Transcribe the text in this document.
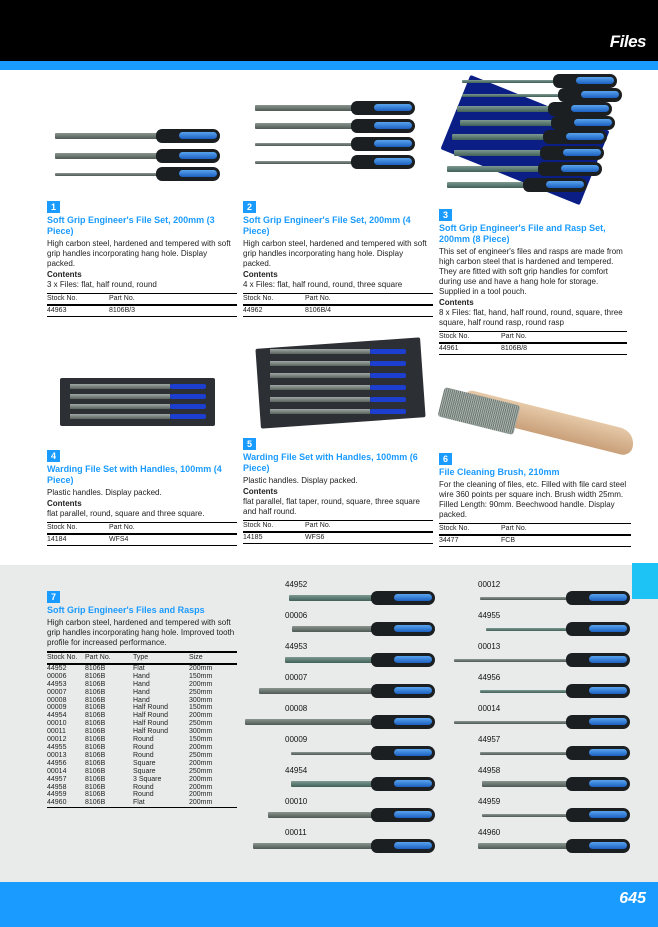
Files
1
Soft Grip Engineer's File Set, 200mm (3 Piece)
High carbon steel, hardened and tempered with soft grip handles incorporating hang hole. Display packed.
Contents
3 x Files: flat, half round, round
Stock No.	Part No.
44963	8106B/3
2
Soft Grip Engineer's File Set, 200mm (4 Piece)
High carbon steel, hardened and tempered with soft grip handles incorporating hang hole. Display packed.
Contents
4 x Files: flat, half round, round, three square
Stock No.	Part No.
44962	8106B/4
3
Soft Grip Engineer's File and Rasp Set, 200mm (8 Piece)
This set of engineer's files and rasps are made from high carbon steel that is hardened and tempered. They are fitted with soft grip handles for comfort during use and have a hang hole for storage. Supplied in a tool pouch.
Contents
8 x Files: flat, hand, half round, round, square, three square, half round rasp, round rasp
Stock No.	Part No.
44961	8106B/8
4
Warding File Set with Handles, 100mm (4 Piece)
Plastic handles. Display packed.
Contents
flat parallel, round, square and three square.
Stock No.	Part No.
14184	WFS4
5
Warding File Set with Handles, 100mm (6 Piece)
Plastic handles. Display packed.
Contents
flat parallel, flat taper, round, square, three square and half round.
Stock No.	Part No.
14185	WFS6
6
File Cleaning Brush, 210mm
For the cleaning of files, etc. Filled with file card steel wire 360 points per square inch. Brush width 25mm. Filled Length: 90mm. Beechwood handle. Display packed.
Stock No.	Part No.
34477	FCB
7
Soft Grip Engineer's Files and Rasps
High carbon steel, hardened and tempered with soft grip handles incorporating hang hole. Improved tooth profile for increased performance.
Stock No.	Part No.	Type	Size
44952	8106B	Flat	200mm
00006	8106B	Hand	150mm
44953	8106B	Hand	200mm
00007	8106B	Hand	250mm
00008	8106B	Hand	300mm
00009	8106B	Half Round	150mm
44954	8106B	Half Round	200mm
00010	8106B	Half Round	250mm
00011	8106B	Half Round	300mm
00012	8106B	Round	150mm
44955	8106B	Round	200mm
00013	8106B	Round	250mm
44956	8106B	Square	200mm
00014	8106B	Square	250mm
44957	8106B	3 Square	200mm
44958	8106B	Round	200mm
44959	8106B	Round	200mm
44960	8106B	Flat	200mm
44952
00006
44953
00007
00008
00009
44954
00010
00011
00012
44955
00013
44956
00014
44957
44958
44959
44960
645
